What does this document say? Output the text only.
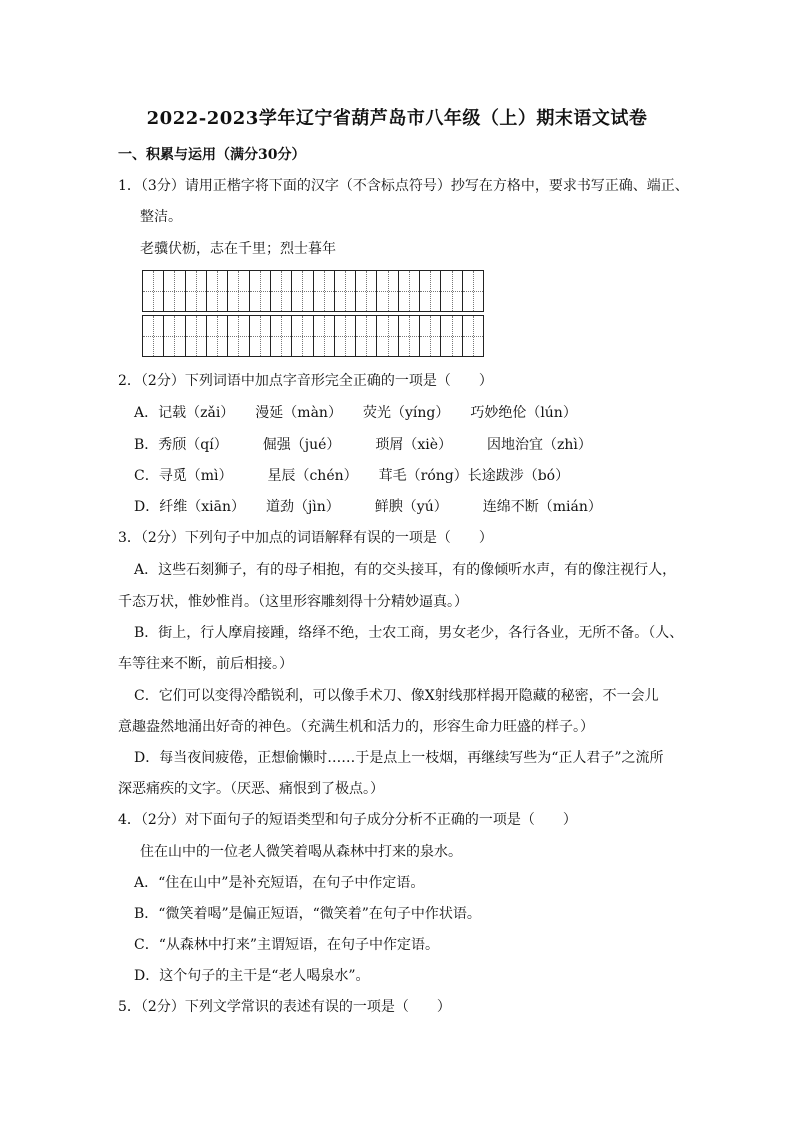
2022-2023学年辽宁省葫芦岛市八年级（上）期末语文试卷
一、积累与运用（满分30分）
1．（3分）请用正楷字将下面的汉字（不含标点符号）抄写在方格中，要求书写正确、端正、
整洁。
老骥伏枥，志在千里；烈士暮年
2．（2分）下列词语中加点字音形完全正确的一项是（　　）
A．记载（zǎi）　　漫延（màn）　　荧光（yíng）　　巧妙绝伦（lún）
B．秀颀（qí）　　　倔强（jué）　　　琐屑（xiè）　　　因地治宜（zhì）
C．寻觅（mì）　　　星辰（chén）　　茸毛（róng）长途跋涉（bó）
D．纤维（xiān）　　道劲（jìn）　　　鲜腴（yú）　　　连绵不断（mián）
3．（2分）下列句子中加点的词语解释有误的一项是（　　）
A．这些石刻狮子，有的母子相抱，有的交头接耳，有的像倾听水声，有的像注视行人，
千态万状，惟妙惟肖。（这里形容雕刻得十分精妙逼真。）
B．街上，行人摩肩接踵，络绎不绝，士农工商，男女老少，各行各业，无所不备。（人、
车等往来不断，前后相接。）
C．它们可以变得冷酷锐利，可以像手术刀、像X射线那样揭开隐藏的秘密，不一会儿
意趣盎然地涌出好奇的神色。（充满生机和活力的，形容生命力旺盛的样子。）
D．每当夜间疲倦，正想偷懒时……于是点上一枝烟，再继续写些为“正人君子”之流所
深恶痛疾的文字。（厌恶、痛恨到了极点。）
4．（2分）对下面句子的短语类型和句子成分分析不正确的一项是（　　）
住在山中的一位老人微笑着喝从森林中打来的泉水。
A．“住在山中”是补充短语，在句子中作定语。
B．“微笑着喝”是偏正短语，“微笑着”在句子中作状语。
C．“从森林中打来”主谓短语，在句子中作定语。
D．这个句子的主干是“老人喝泉水”。
5．（2分）下列文学常识的表述有误的一项是（　　）
